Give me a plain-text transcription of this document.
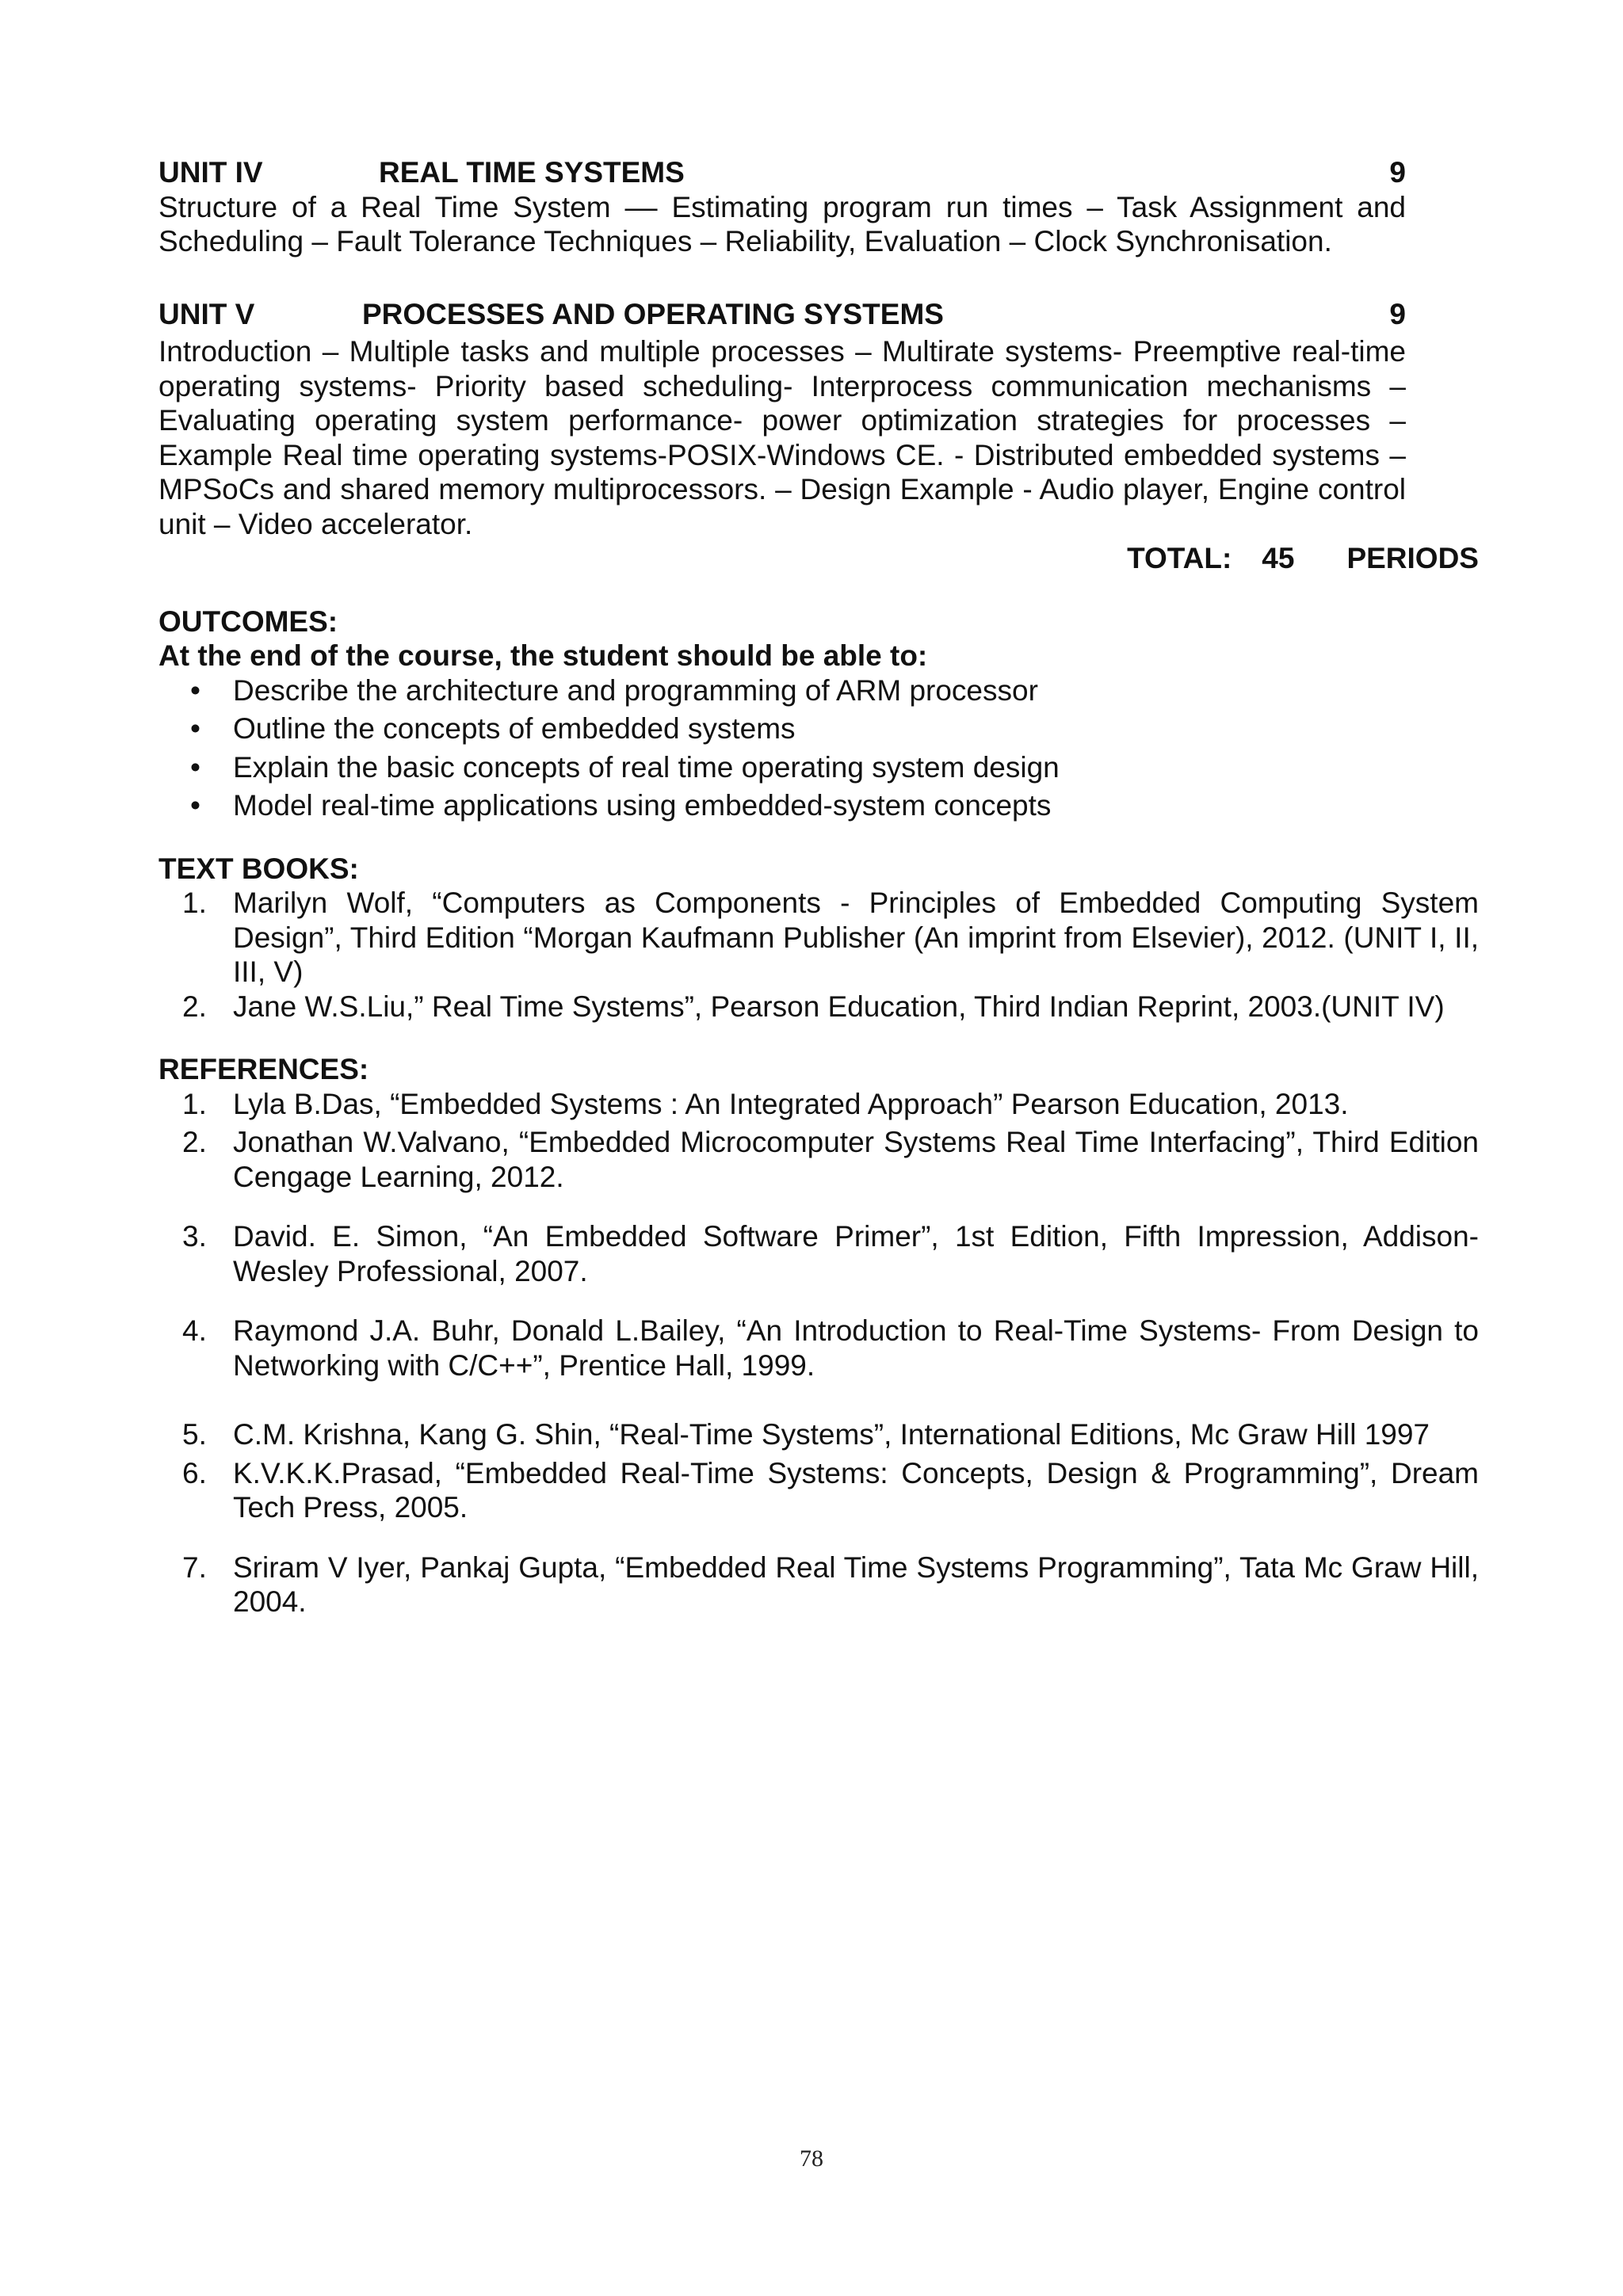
UNIT IV	REAL TIME SYSTEMS	9
Structure of a Real Time System –– Estimating program run times – Task Assignment and Scheduling – Fault Tolerance Techniques – Reliability, Evaluation – Clock Synchronisation.
UNIT V	PROCESSES AND OPERATING SYSTEMS	9
Introduction – Multiple tasks and multiple processes – Multirate systems- Preemptive real-time operating systems- Priority based scheduling- Interprocess communication mechanisms – Evaluating operating system performance- power optimization strategies for processes – Example Real time operating systems-POSIX-Windows CE. - Distributed embedded systems – MPSoCs and shared memory multiprocessors. – Design Example - Audio player, Engine control unit – Video accelerator.
TOTAL: 45 PERIODS
OUTCOMES:
At the end of the course, the student should be able to:
• Describe the architecture and programming of ARM processor
• Outline the concepts of embedded systems
• Explain the basic concepts of real time operating system design
• Model real-time applications using embedded-system concepts
TEXT BOOKS:
1. Marilyn Wolf, “Computers as Components - Principles of Embedded Computing System Design”, Third Edition “Morgan Kaufmann Publisher (An imprint from Elsevier), 2012. (UNIT I, II, III, V)
2. Jane W.S.Liu,” Real Time Systems”, Pearson Education, Third Indian Reprint, 2003.(UNIT IV)
REFERENCES:
1. Lyla B.Das, “Embedded Systems : An Integrated Approach” Pearson Education, 2013.
2. Jonathan W.Valvano, “Embedded Microcomputer Systems Real Time Interfacing”, Third Edition Cengage Learning, 2012.
3. David. E. Simon, “An Embedded Software Primer”, 1st Edition, Fifth Impression, Addison-Wesley Professional, 2007.
4. Raymond J.A. Buhr, Donald L.Bailey, “An Introduction to Real-Time Systems- From Design to Networking with C/C++”, Prentice Hall, 1999.
5. C.M. Krishna, Kang G. Shin, “Real-Time Systems”, International Editions, Mc Graw Hill 1997
6. K.V.K.K.Prasad, “Embedded Real-Time Systems: Concepts, Design & Programming”, Dream Tech Press, 2005.
7. Sriram V Iyer, Pankaj Gupta, “Embedded Real Time Systems Programming”, Tata Mc Graw Hill, 2004.
78
